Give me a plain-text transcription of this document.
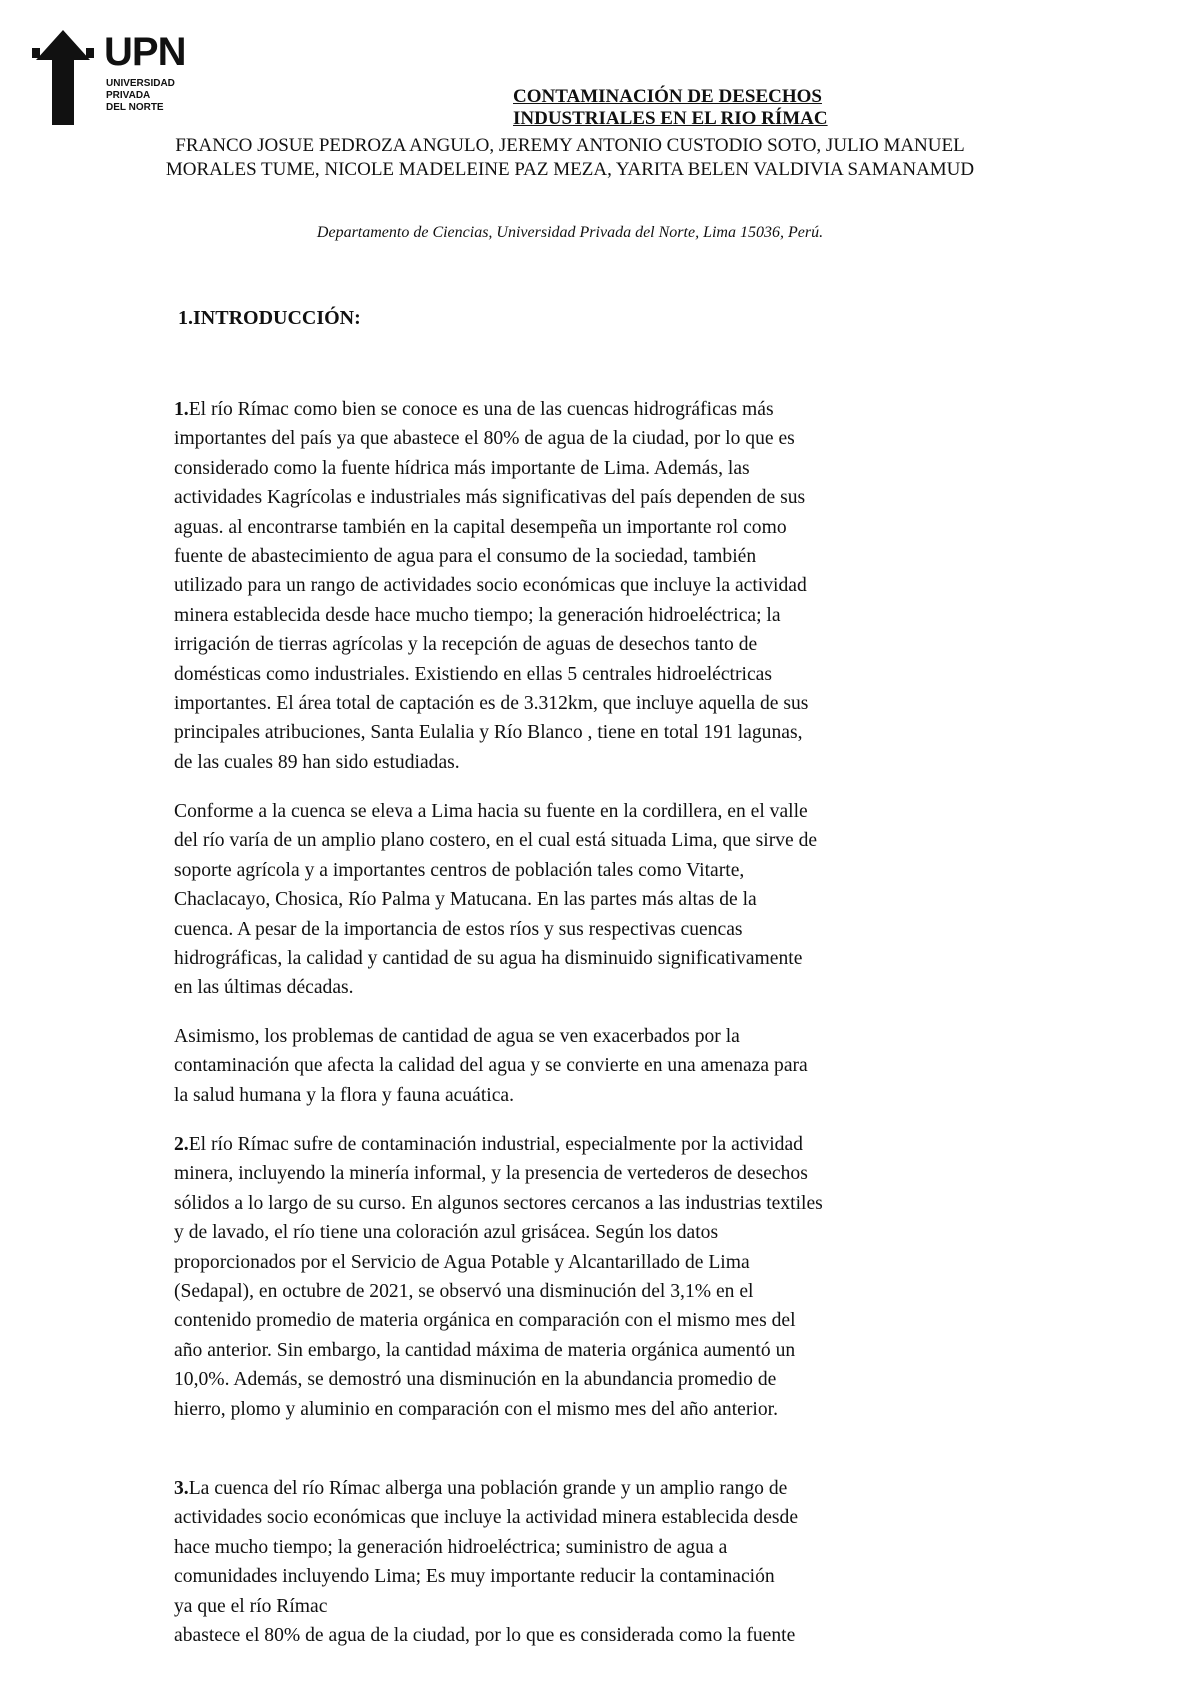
UPN
UNIVERSIDAD
PRIVADA
DEL NORTE
CONTAMINACIÓN DE DESECHOS
INDUSTRIALES EN EL RIO RÍMAC
FRANCO JOSUE PEDROZA ANGULO, JEREMY ANTONIO CUSTODIO SOTO, JULIO MANUEL MORALES TUME, NICOLE MADELEINE PAZ MEZA, YARITA BELEN VALDIVIA SAMANAMUD
Departamento de Ciencias, Universidad Privada del Norte, Lima 15036, Perú.
1.INTRODUCCIÓN:
1.El río Rímac como bien se conoce es una de las cuencas hidrográficas más
importantes del país ya que abastece el 80% de agua de la ciudad, por lo que es
considerado como la fuente hídrica más importante de Lima. Además, las
actividades Kagrícolas e industriales más significativas del país dependen de sus
aguas. al encontrarse también en la capital desempeña un importante rol como
fuente de abastecimiento de agua para el consumo de la sociedad, también
utilizado para un rango de actividades socio económicas que incluye la actividad
minera establecida desde hace mucho tiempo; la generación hidroeléctrica; la
irrigación de tierras agrícolas y la recepción de aguas de desechos tanto de
domésticas como industriales. Existiendo en ellas 5 centrales hidroeléctricas
importantes. El área total de captación es de 3.312km, que incluye aquella de sus
principales atribuciones, Santa Eulalia y Río Blanco , tiene en total 191 lagunas,
de las cuales 89 han sido estudiadas.
Conforme a la cuenca se eleva a Lima hacia su fuente en la cordillera, en el valle
del río varía de un amplio plano costero, en el cual está situada Lima, que sirve de
soporte agrícola y a importantes centros de población tales como Vitarte,
Chaclacayo, Chosica, Río Palma y Matucana. En las partes más altas de la
cuenca. A pesar de la importancia de estos ríos y sus respectivas cuencas
hidrográficas, la calidad y cantidad de su agua ha disminuido significativamente
en las últimas décadas.
Asimismo, los problemas de cantidad de agua se ven exacerbados por la
contaminación que afecta la calidad del agua y se convierte en una amenaza para
la salud humana y la flora y fauna acuática.
2.El río Rímac sufre de contaminación industrial, especialmente por la actividad
minera, incluyendo la minería informal, y la presencia de vertederos de desechos
sólidos a lo largo de su curso. En algunos sectores cercanos a las industrias textiles
y de lavado, el río tiene una coloración azul grisácea. Según los datos
proporcionados por el Servicio de Agua Potable y Alcantarillado de Lima
(Sedapal), en octubre de 2021, se observó una disminución del 3,1% en el
contenido promedio de materia orgánica en comparación con el mismo mes del
año anterior. Sin embargo, la cantidad máxima de materia orgánica aumentó un
10,0%. Además, se demostró una disminución en la abundancia promedio de
hierro, plomo y aluminio en comparación con el mismo mes del año anterior.
3.La cuenca del río Rímac alberga una población grande y un amplio rango de
actividades socio económicas que incluye la actividad minera establecida desde
hace mucho tiempo; la generación hidroeléctrica; suministro de agua a
comunidades incluyendo Lima; Es muy importante reducir la contaminación
ya que el río Rímac
abastece el 80% de agua de la ciudad, por lo que es considerada como la fuente
